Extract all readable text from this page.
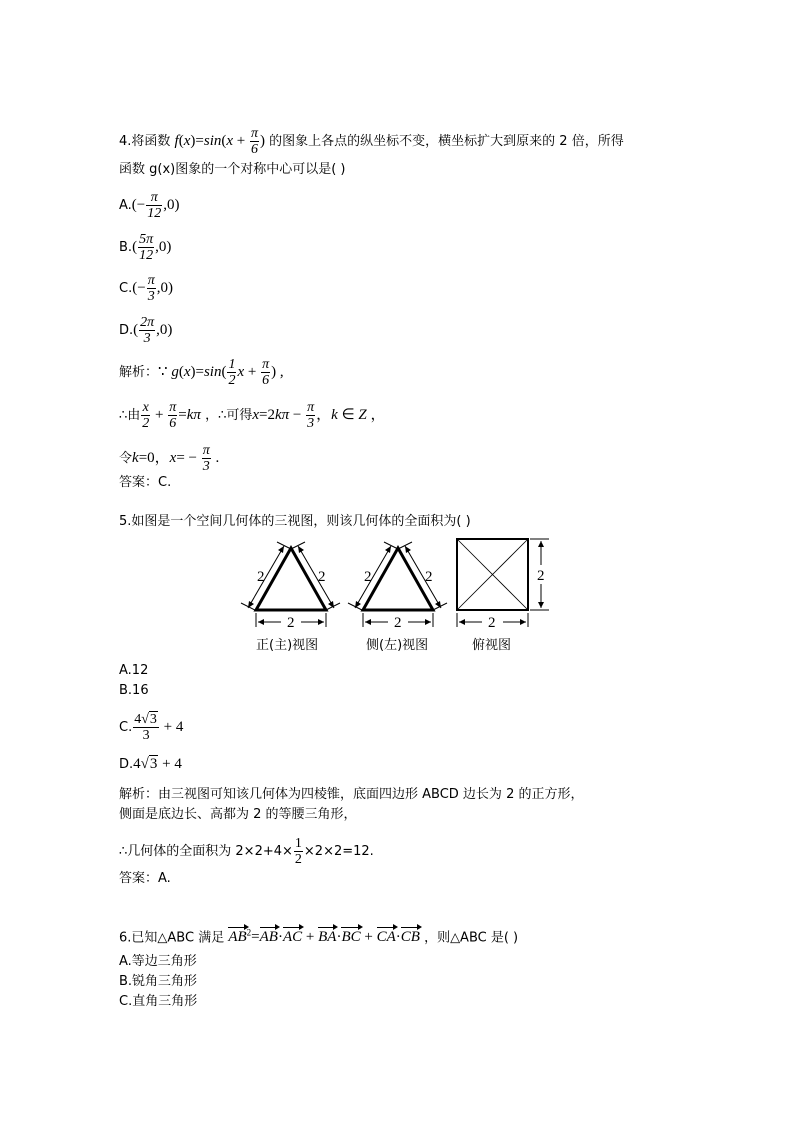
4.将函数 $f(x)=\sin(x + \frac{\pi}{6}$ ) 的图象上各点的纵坐标不变，横坐标扩大到原来的 2 倍，所得
函数 g(x)图象的一个对称中心可以是( )
$A.(- \frac{\pi}{12} ,0)$
$B.( \frac{5\pi}{12} ,0)$
$C.(- \frac{\pi}{3} ,0)$
$D.( \frac{2\pi}{3} ,0)$
解析：∵ $g(x)=\sin( \frac{1}{2}$ $x + \frac{\pi}{6}$ ) ,
∴由 $\frac{x}{2} + \frac{\pi}{6} =k\pi$ ，∴可得$x=2k\pi - \frac{\pi}{3}$ ，k ∈ Z ，
令k=0，$x= - \frac{\pi}{3}$ .
答案：C.
5.如图是一个空间几何体的三视图，则该几何体的全面积为( )
2	2
2
2	2
2	2
2
正(主)视图	侧(左)视图	俯视图
A.12
B.16
C. $\frac{4√3}{3} + 4$
D.4√3 + 4
解析：由三视图可知该几何体为四棱锥，底面四边形 ABCD 边长为 2 的正方形，
侧面是底边长、高都为 2 的等腰三角形，
∴几何体的全面积为 $2\times 2+4\times \frac{1}{2} \times 2\times 2=12$.
答案：A.
6.已知△ABC 满足 $AB^2=AB\cdot AC + BA\cdot BC + CA\cdot CB$ ，则△ABC 是( )
A.等边三角形
B.锐角三角形
C.直角三角形
